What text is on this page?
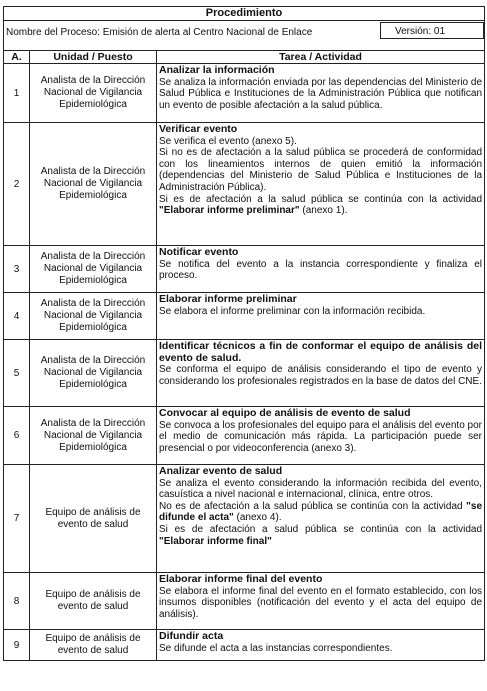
Versión: 01
Procedimiento		
Nombre del Proceso: Emisión de alerta al Centro Nacional de Enlace		
A.	Unidad / Puesto	Tarea / Actividad
1	Analista de la Dirección Nacional de Vigilancia Epidemiológica	Analizar la información

Se analiza la información enviada por las dependencias del Ministerio de Salud Pública e Instituciones de la Administración Pública que notifican un evento de posible afectación a la salud pública.

2	Analista de la Dirección Nacional de Vigilancia Epidemiológica	Verificar evento

Se verifica el evento (anexo 5).

Si no es de afectación a la salud pública se procederá de conformidad con los lineamientos internos de quien emitió la información (dependencias del Ministerio de Salud Pública e Instituciones de la Administración Pública).

Si es de afectación a la salud pública se continúa con la actividad "Elaborar informe preliminar" (anexo 1).

3	Analista de la Dirección Nacional de Vigilancia Epidemiológica	Notificar evento

Se notifica del evento a la instancia correspondiente y finaliza el proceso.

4	Analista de la Dirección Nacional de Vigilancia Epidemiológica	Elaborar informe preliminar

Se elabora el informe preliminar con la información recibida.

5	Analista de la Dirección Nacional de Vigilancia Epidemiológica	Identificar técnicos a fin de conformar el equipo de análisis del evento de salud.

Se conforma el equipo de análisis considerando el tipo de evento y considerando los profesionales registrados en la base de datos del CNE.

6	Analista de la Dirección Nacional de Vigilancia Epidemiológica	Convocar al equipo de análisis de evento de salud

Se convoca a los profesionales del equipo para el análisis del evento por el medio de comunicación más rápida. La participación puede ser presencial o por videoconferencia (anexo 3).

7	Equipo de análisis de evento de salud	Analizar evento de salud

Se analiza el evento considerando la información recibida del evento, casuística a nivel nacional e internacional, clínica, entre otros.

No es de afectación a la salud pública se continúa con la actividad "se difunde el acta" (anexo 4).

Si es de afectación a salud pública se continúa con la actividad "Elaborar informe final"

8	Equipo de análisis de evento de salud	Elaborar informe final del evento

Se elabora el informe final del evento en el formato establecido, con los insumos disponibles (notificación del evento y el acta del equipo de análisis).

9	Equipo de análisis de evento de salud	Difundir acta

Se difunde el acta a las instancias correspondientes.
